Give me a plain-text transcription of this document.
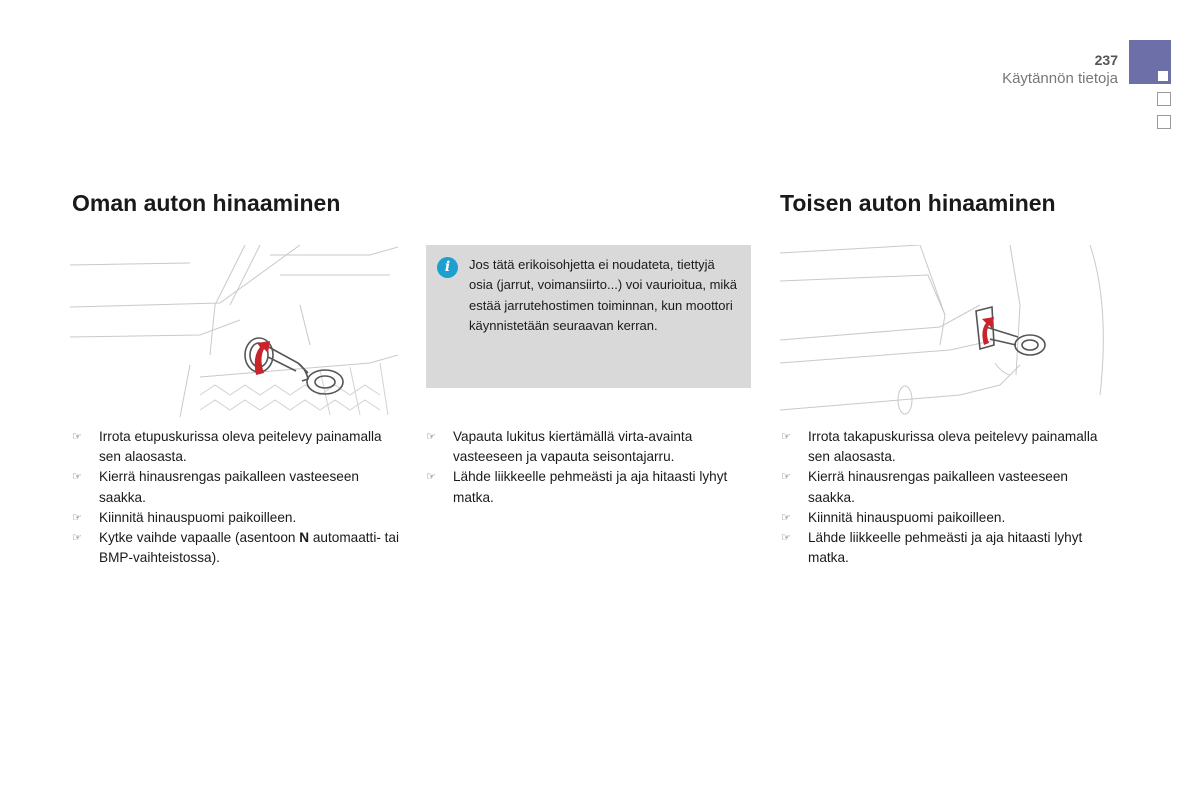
237
Käytännön tietoja
Oman auton hinaaminen
☞ Irrota etupuskurissa oleva peitelevy painamalla sen alaosasta.
☞ Kierrä hinausrengas paikalleen vasteeseen saakka.
☞ Kiinnitä hinauspuomi paikoilleen.
☞ Kytke vaihde vapaalle (asentoon N automaatti- tai BMP-vaihteistossa).
i	Jos tätä erikoisohjetta ei noudateta, tiettyjä osia (jarrut, voimansiirto...) voi vaurioitua, mikä estää jarrutehostimen toiminnan, kun moottori käynnistetään seuraavan kerran.
☞ Vapauta lukitus kiertämällä virta-avainta vasteeseen ja vapauta seisontajarru.
☞ Lähde liikkeelle pehmeästi ja aja hitaasti lyhyt matka.
Toisen auton hinaaminen
☞ Irrota takapuskurissa oleva peitelevy painamalla sen alaosasta.
☞ Kierrä hinausrengas paikalleen vasteeseen saakka.
☞ Kiinnitä hinauspuomi paikoilleen.
☞ Lähde liikkeelle pehmeästi ja aja hitaasti lyhyt matka.
